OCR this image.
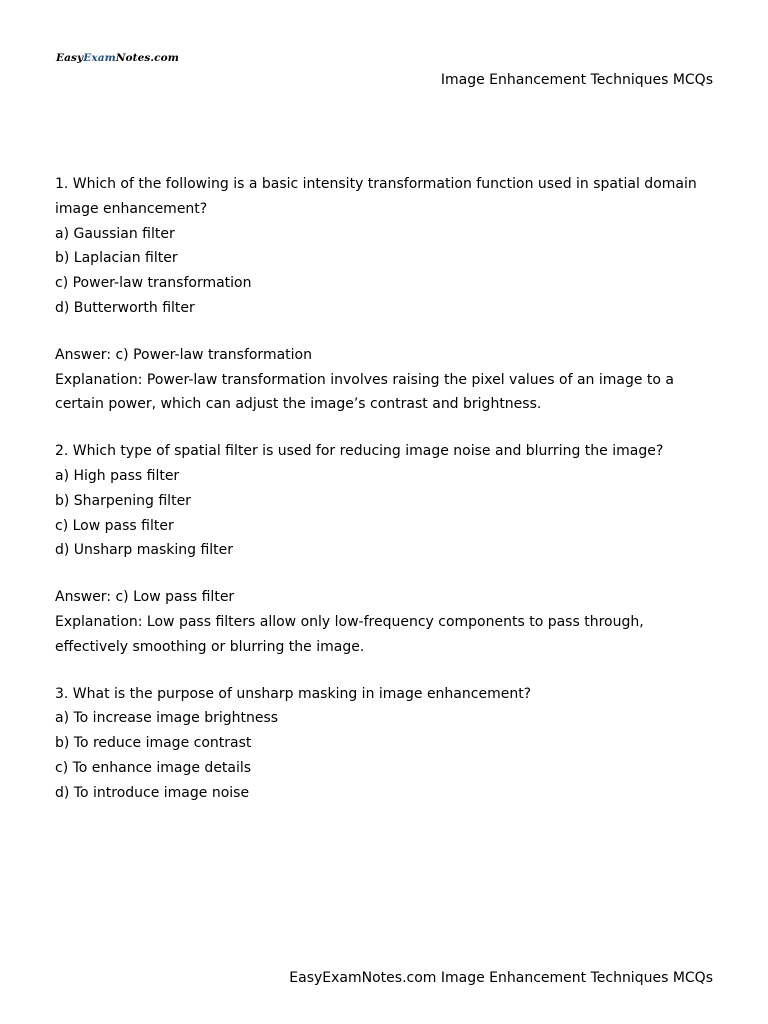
EasyExamNotes.com
Image Enhancement Techniques MCQs

1. Which of the following is a basic intensity transformation function used in spatial domain image enhancement?

a) Gaussian filter

b) Laplacian filter

c) Power-law transformation

d) Butterworth filter

Answer: c) Power-law transformation

Explanation: Power-law transformation involves raising the pixel values of an image to a certain power, which can adjust the image’s contrast and brightness.

2. Which type of spatial filter is used for reducing image noise and blurring the image?

a) High pass filter

b) Sharpening filter

c) Low pass filter

d) Unsharp masking filter

Answer: c) Low pass filter

Explanation: Low pass filters allow only low-frequency components to pass through, effectively smoothing or blurring the image.

3. What is the purpose of unsharp masking in image enhancement?

a) To increase image brightness

b) To reduce image contrast

c) To enhance image details

d) To introduce image noise

EasyExamNotes.com Image Enhancement Techniques MCQs
